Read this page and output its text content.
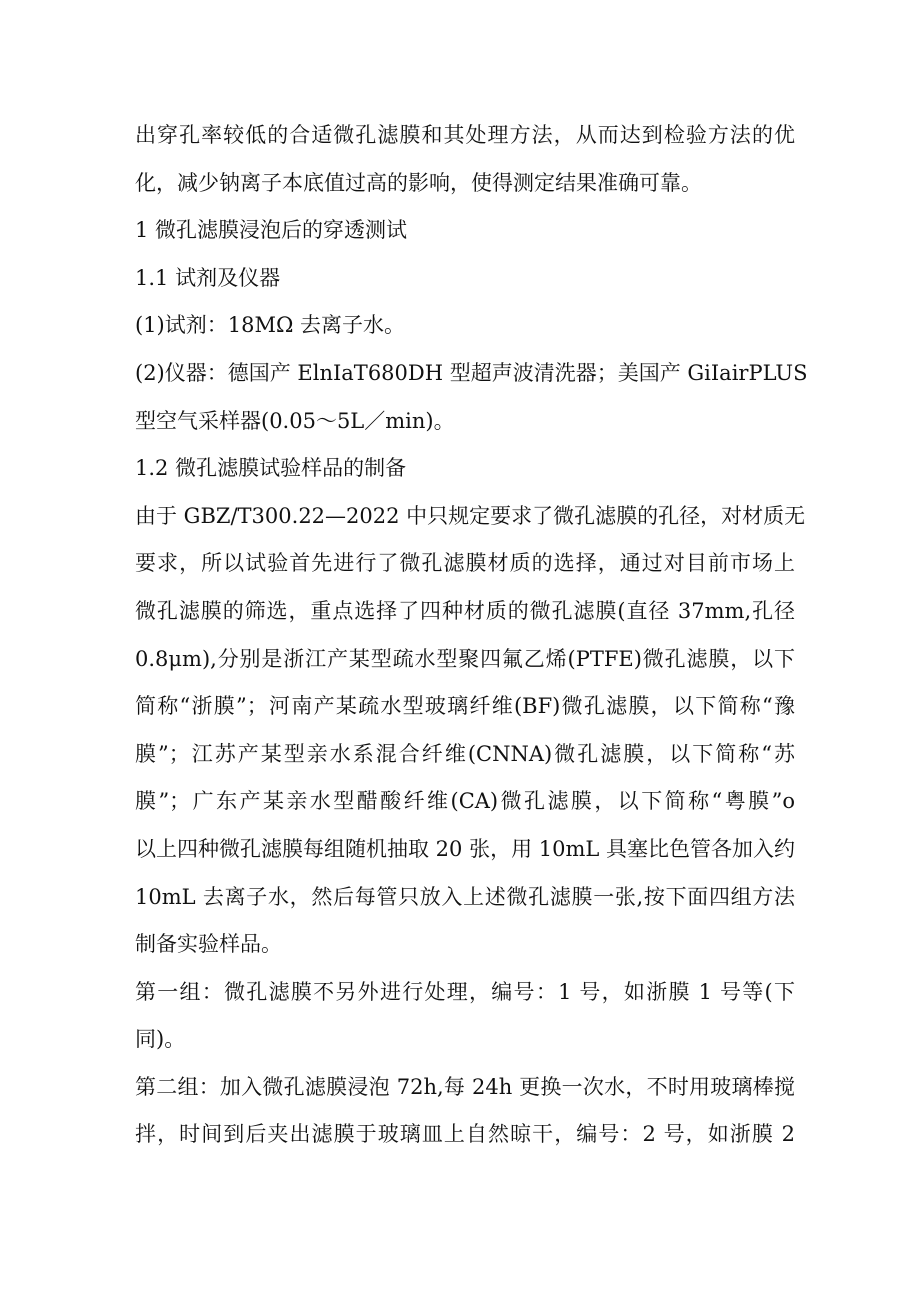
出穿孔率较低的合适微孔滤膜和其处理方法，从而达到检验方法的优
化，减少钠离子本底值过高的影响，使得测定结果准确可靠。
1 微孔滤膜浸泡后的穿透测试
1.1 试剂及仪器
(1)试剂：18MΩ 去离子水。
(2)仪器：德国产 ElnIaT680DH 型超声波清洗器；美国产 GiIairPLUS
型空气采样器(0.05～5L／min)。
1.2 微孔滤膜试验样品的制备
由于 GBZ/T300.22—2022 中只规定要求了微孔滤膜的孔径，对材质无
要求，所以试验首先进行了微孔滤膜材质的选择，通过对目前市场上
微孔滤膜的筛选，重点选择了四种材质的微孔滤膜(直径 37mm,孔径
0.8μm),分别是浙江产某型疏水型聚四氟乙烯(PTFE)微孔滤膜，以下
简称“浙膜”；河南产某疏水型玻璃纤维(BF)微孔滤膜，以下简称“豫
膜”；江苏产某型亲水系混合纤维(CNNA)微孔滤膜，以下简称“苏
膜”；广东产某亲水型醋酸纤维(CA)微孔滤膜，以下简称“粤膜”o
以上四种微孔滤膜每组随机抽取 20 张，用 10mL 具塞比色管各加入约
10mL 去离子水，然后每管只放入上述微孔滤膜一张,按下面四组方法
制备实验样品。
第一组：微孔滤膜不另外进行处理，编号：1 号，如浙膜 1 号等(下
同)。
第二组：加入微孔滤膜浸泡 72h,每 24h 更换一次水，不时用玻璃棒搅
拌，时间到后夹出滤膜于玻璃皿上自然晾干，编号：2 号，如浙膜 2
